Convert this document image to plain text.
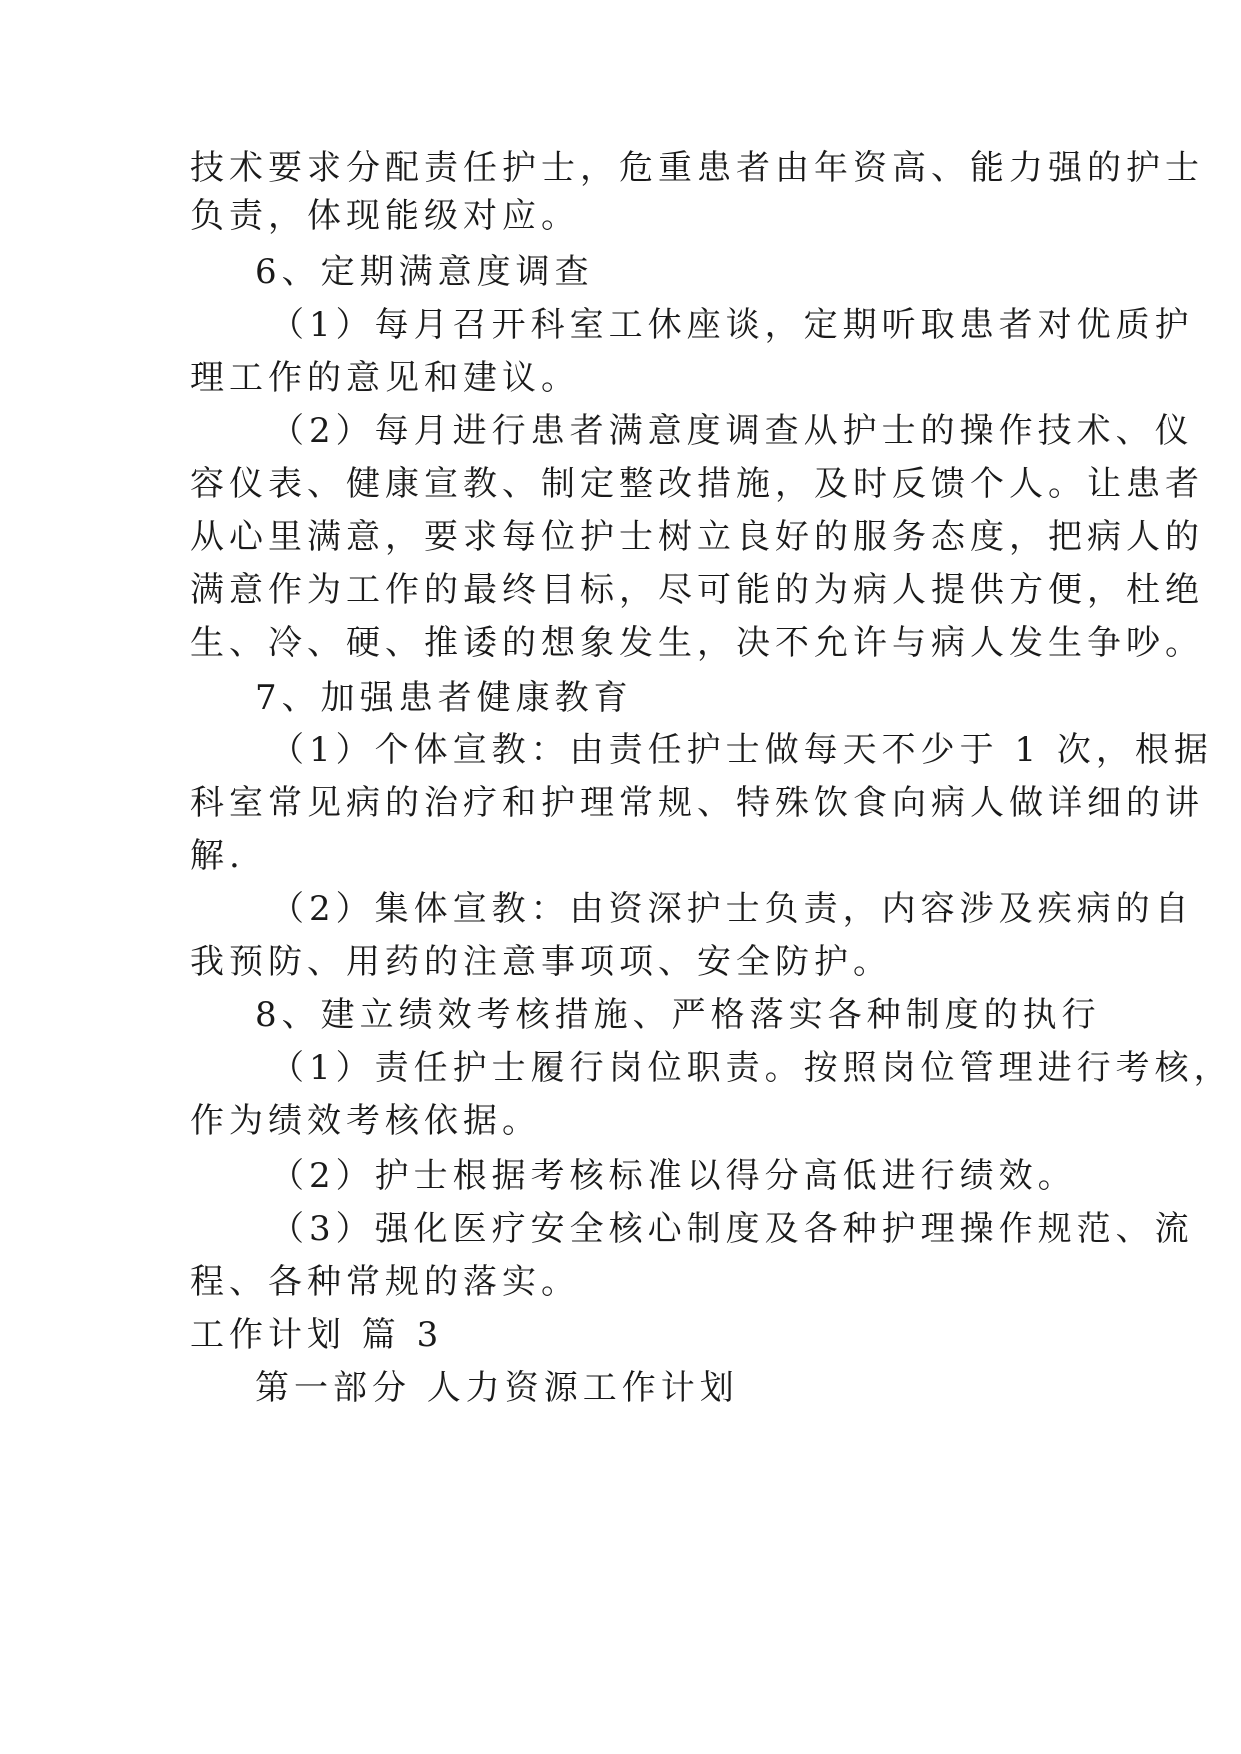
技术要求分配责任护士，危重患者由年资高、能力强的护士
负责，体现能级对应。
6、定期满意度调查
（1）每月召开科室工休座谈，定期听取患者对优质护
理工作的意见和建议。
（2）每月进行患者满意度调查从护士的操作技术、仪
容仪表、健康宣教、制定整改措施，及时反馈个人。让患者
从心里满意，要求每位护士树立良好的服务态度，把病人的
满意作为工作的最终目标，尽可能的为病人提供方便，杜绝
生、冷、硬、推诿的想象发生，决不允许与病人发生争吵。
7、加强患者健康教育
（1）个体宣教：由责任护士做每天不少于 1 次，根据
科室常见病的治疗和护理常规、特殊饮食向病人做详细的讲
解.
（2）集体宣教：由资深护士负责，内容涉及疾病的自
我预防、用药的注意事项项、安全防护。
8、建立绩效考核措施、严格落实各种制度的执行
（1）责任护士履行岗位职责。按照岗位管理进行考核，
作为绩效考核依据。
（2）护士根据考核标准以得分高低进行绩效。
（3）强化医疗安全核心制度及各种护理操作规范、流
程、各种常规的落实。
工作计划 篇 3
第一部分 人力资源工作计划
